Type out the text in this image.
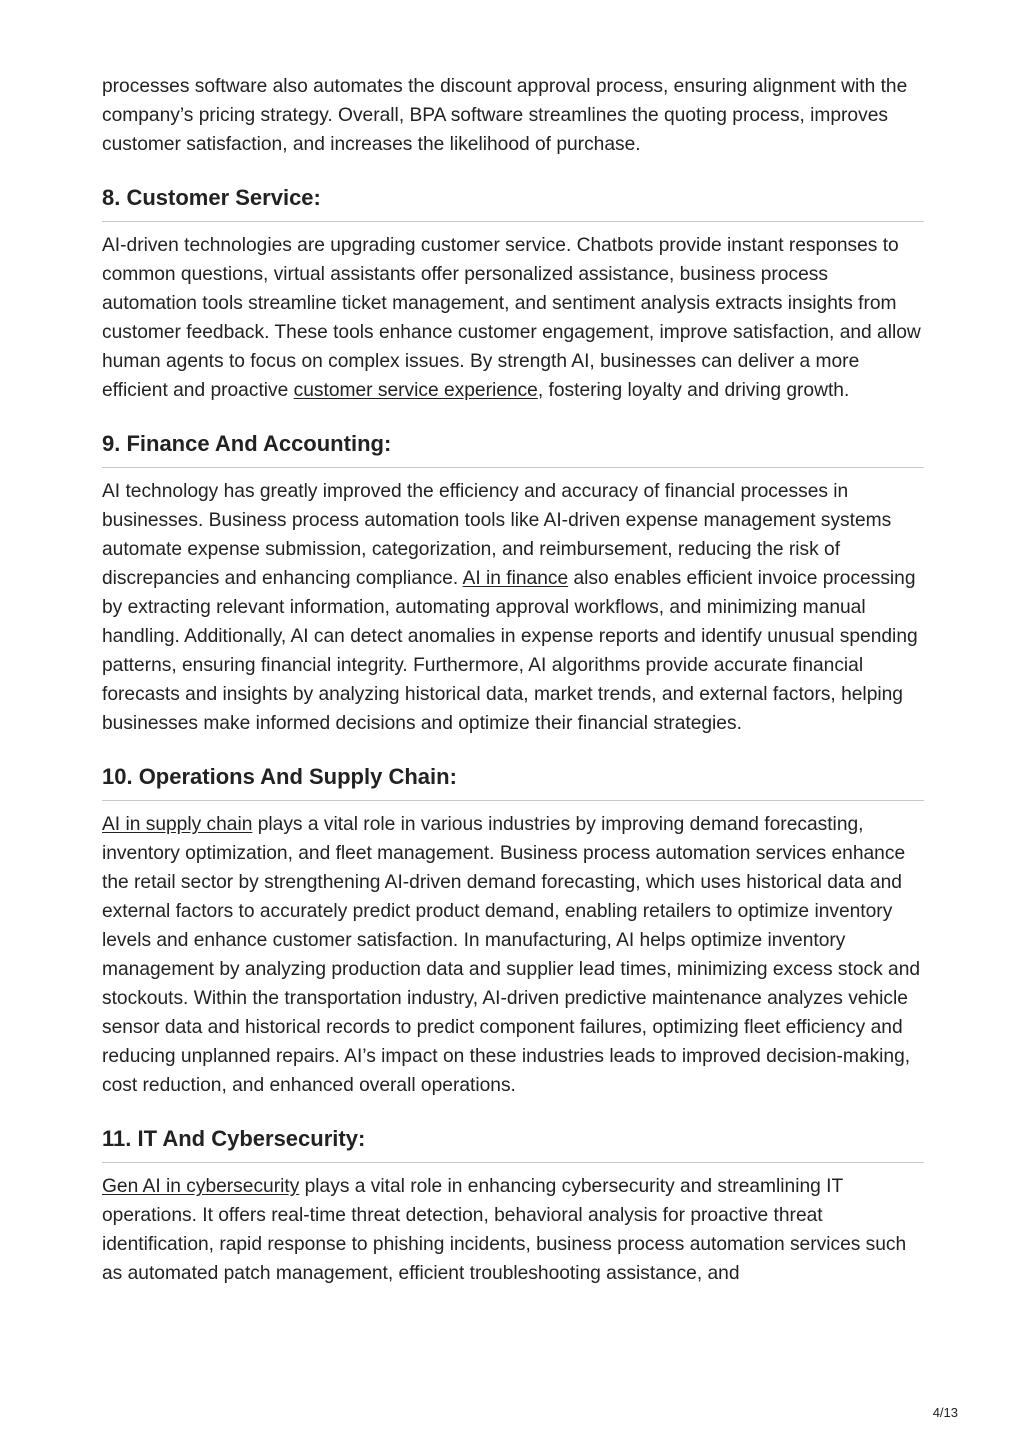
processes software also automates the discount approval process, ensuring alignment with the company’s pricing strategy. Overall, BPA software streamlines the quoting process, improves customer satisfaction, and increases the likelihood of purchase.

8. Customer Service:

AI-driven technologies are upgrading customer service. Chatbots provide instant responses to common questions, virtual assistants offer personalized assistance, business process automation tools streamline ticket management, and sentiment analysis extracts insights from customer feedback. These tools enhance customer engagement, improve satisfaction, and allow human agents to focus on complex issues. By strength AI, businesses can deliver a more efficient and proactive customer service experience, fostering loyalty and driving growth.

9. Finance And Accounting:

AI technology has greatly improved the efficiency and accuracy of financial processes in businesses. Business process automation tools like AI-driven expense management systems automate expense submission, categorization, and reimbursement, reducing the risk of discrepancies and enhancing compliance. AI in finance also enables efficient invoice processing by extracting relevant information, automating approval workflows, and minimizing manual handling. Additionally, AI can detect anomalies in expense reports and identify unusual spending patterns, ensuring financial integrity. Furthermore, AI algorithms provide accurate financial forecasts and insights by analyzing historical data, market trends, and external factors, helping businesses make informed decisions and optimize their financial strategies.

10. Operations And Supply Chain:

AI in supply chain plays a vital role in various industries by improving demand forecasting, inventory optimization, and fleet management. Business process automation services enhance the retail sector by strengthening AI-driven demand forecasting, which uses historical data and external factors to accurately predict product demand, enabling retailers to optimize inventory levels and enhance customer satisfaction. In manufacturing, AI helps optimize inventory management by analyzing production data and supplier lead times, minimizing excess stock and stockouts. Within the transportation industry, AI-driven predictive maintenance analyzes vehicle sensor data and historical records to predict component failures, optimizing fleet efficiency and reducing unplanned repairs. AI’s impact on these industries leads to improved decision-making, cost reduction, and enhanced overall operations.

11. IT And Cybersecurity:

Gen AI in cybersecurity plays a vital role in enhancing cybersecurity and streamlining IT operations. It offers real-time threat detection, behavioral analysis for proactive threat identification, rapid response to phishing incidents, business process automation services such as automated patch management, efficient troubleshooting assistance, and

4/13
